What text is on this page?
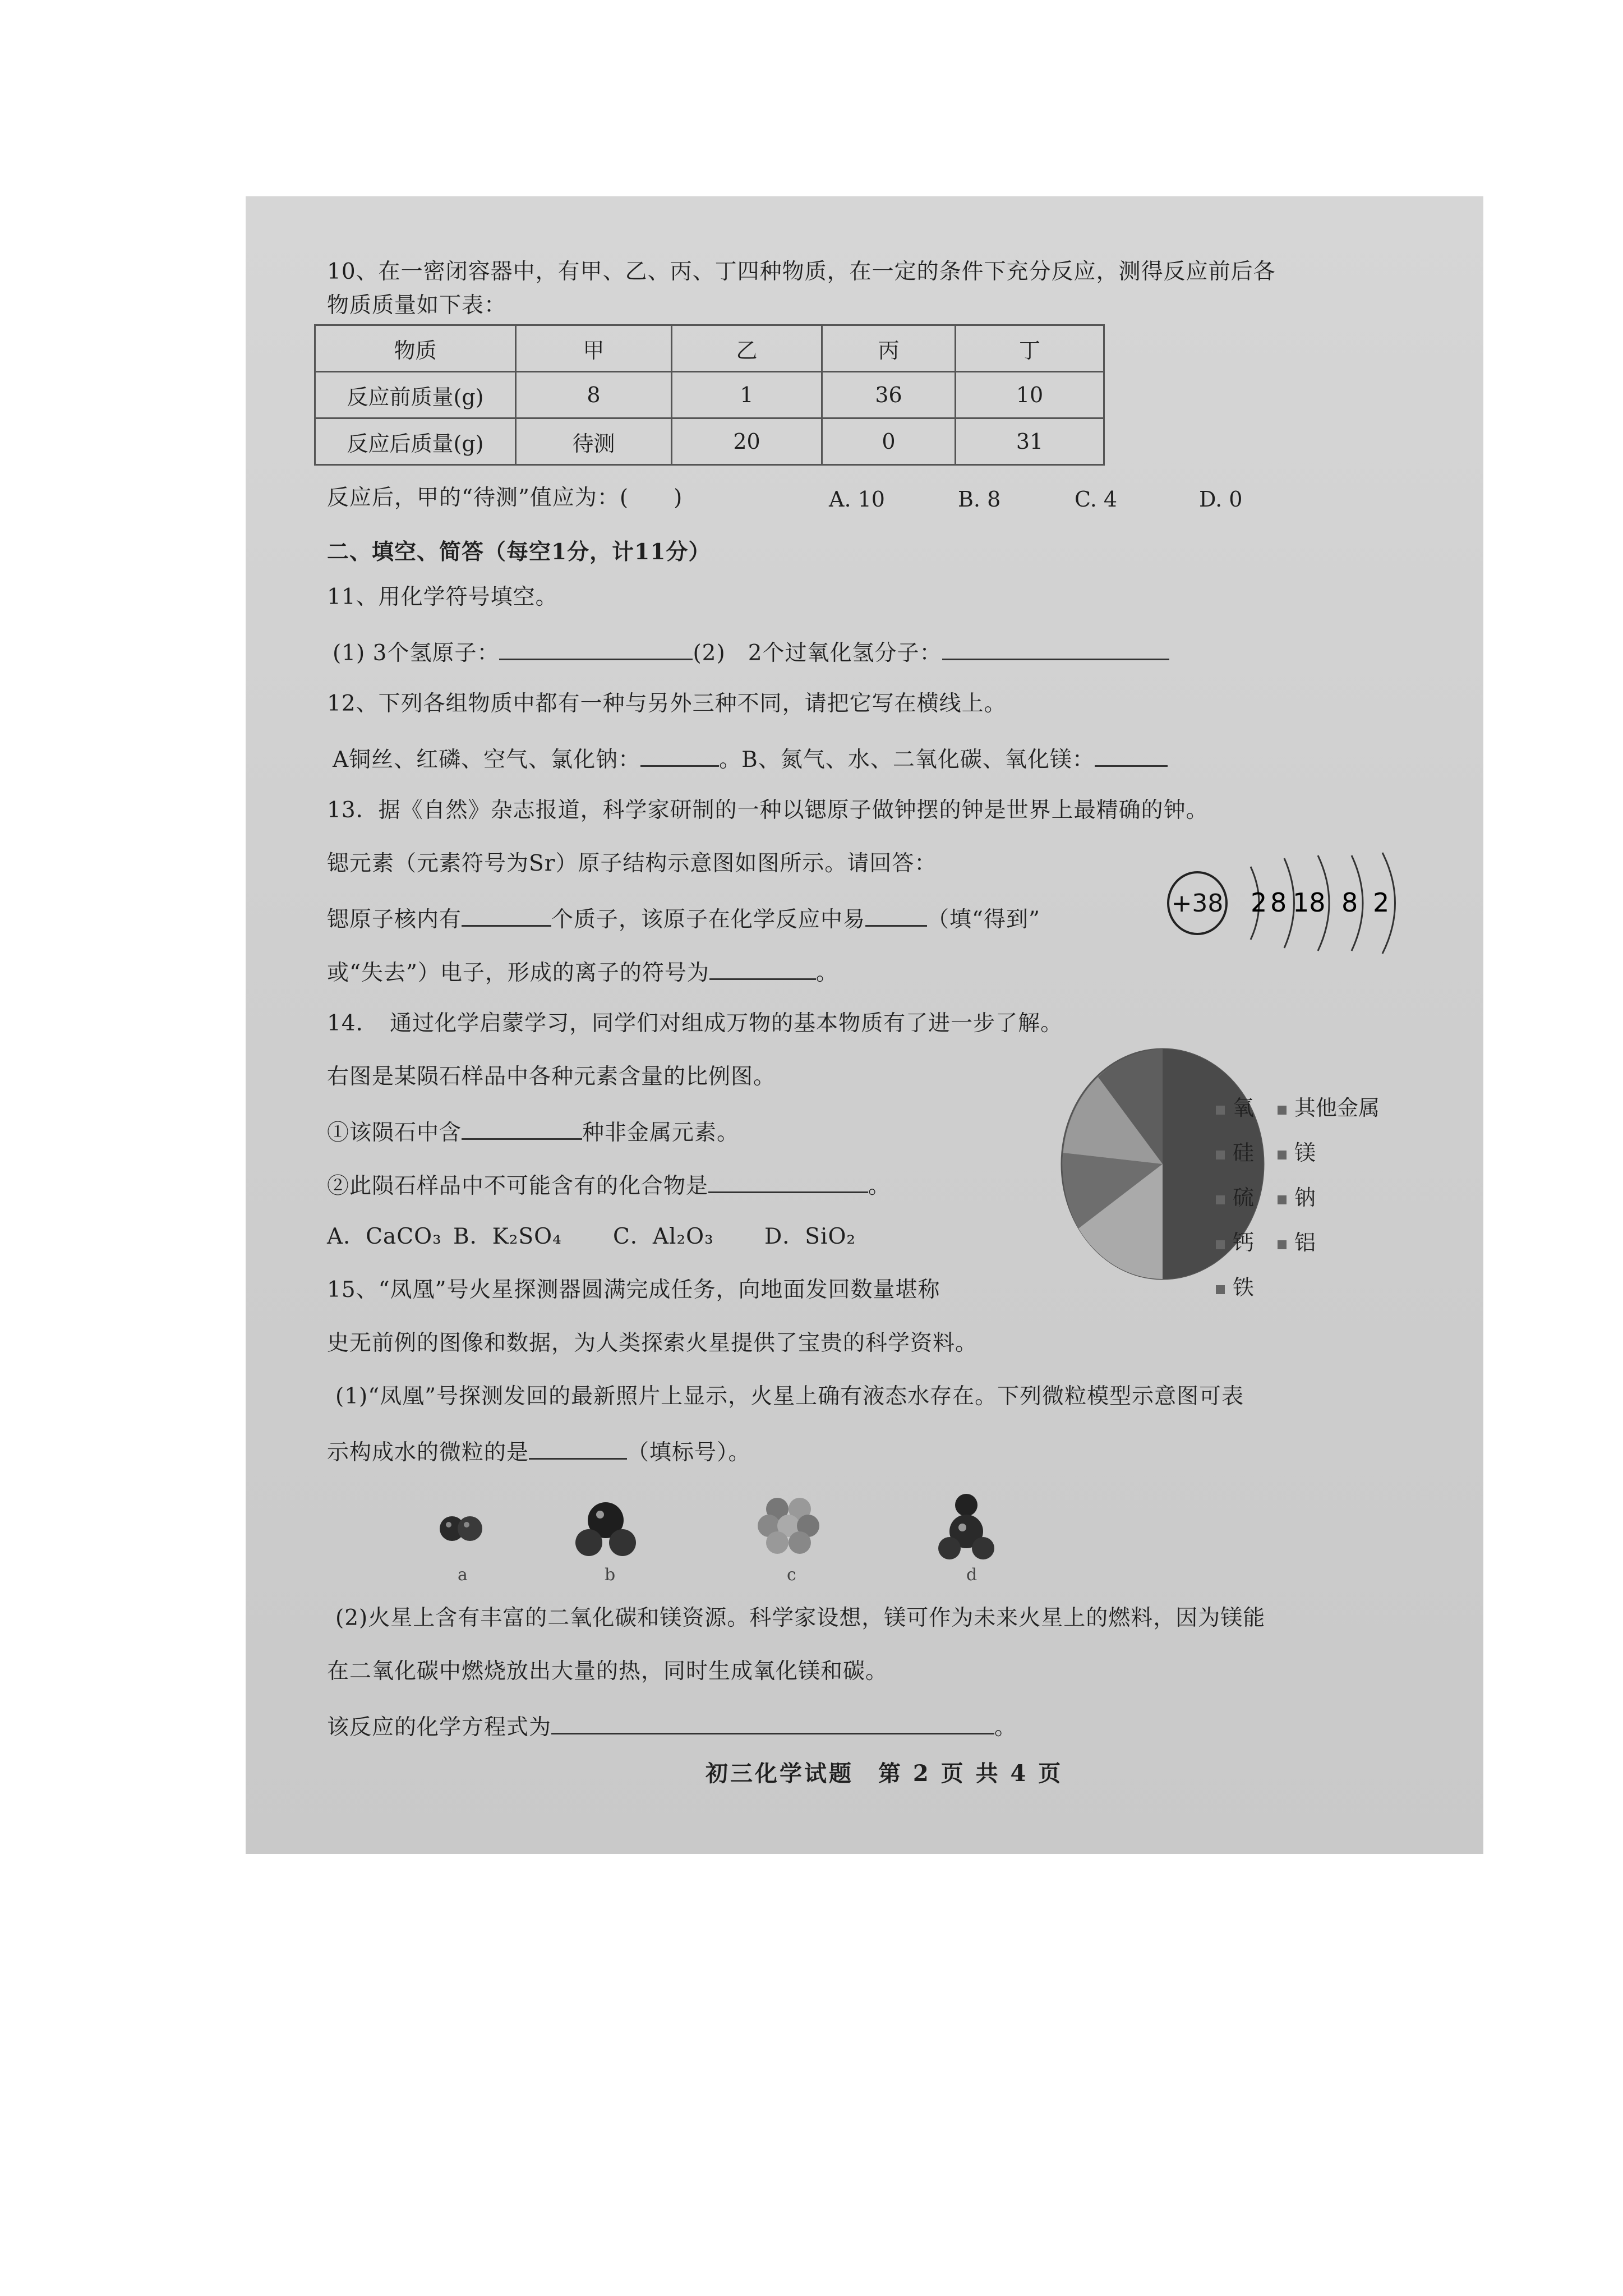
10、在一密闭容器中，有甲、乙、丙、丁四种物质，在一定的条件下充分反应，测得反应前后各
物质质量如下表：
物质	甲	乙	丙	丁
反应前质量(g)	8	1	36	10
反应后质量(g)	待测	20	0	31
反应后，甲的“待测”值应为：(　　)	A. 10	B. 8	C. 4	D. 0
二、填空、简答（每空1分，计11分）
11、用化学符号填空。
(1) 3个氢原子：	(2)　2个过氧化氢分子：
12、下列各组物质中都有一种与另外三种不同，请把它写在横线上。
A铜丝、红磷、空气、氯化钠：	。B、氮气、水、二氧化碳、氧化镁：
13．据《自然》杂志报道，科学家研制的一种以锶原子做钟摆的钟是世界上最精确的钟。
锶元素（元素符号为Sr）原子结构示意图如图所示。请回答：
锶原子核内有	个质子，该原子在化学反应中易	（填“得到”
或“失去”）电子，形成的离子的符号为	。
+38 2 8 18 8 2
14．　通过化学启蒙学习，同学们对组成万物的基本物质有了进一步了解。
右图是某陨石样品中各种元素含量的比例图。
①该陨石中含	种非金属元素。
②此陨石样品中不可能含有的化合物是	。
A．CaCO₃ B．K₂SO₄ C．Al₂O₃ D．SiO₂
氧
硅
硫
钙
铁
其他金属
镁
钠
铝
15、“凤凰”号火星探测器圆满完成任务，向地面发回数量堪称
史无前例的图像和数据，为人类探索火星提供了宝贵的科学资料。
(1)“凤凰”号探测发回的最新照片上显示，火星上确有液态水存在。下列微粒模型示意图可表
示构成水的微粒的是	（填标号）。
a	b	c	d
(2)火星上含有丰富的二氧化碳和镁资源。科学家设想，镁可作为未来火星上的燃料，因为镁能
在二氧化碳中燃烧放出大量的热，同时生成氧化镁和碳。
该反应的化学方程式为	。
初三化学试题　第 2 页 共 4 页
